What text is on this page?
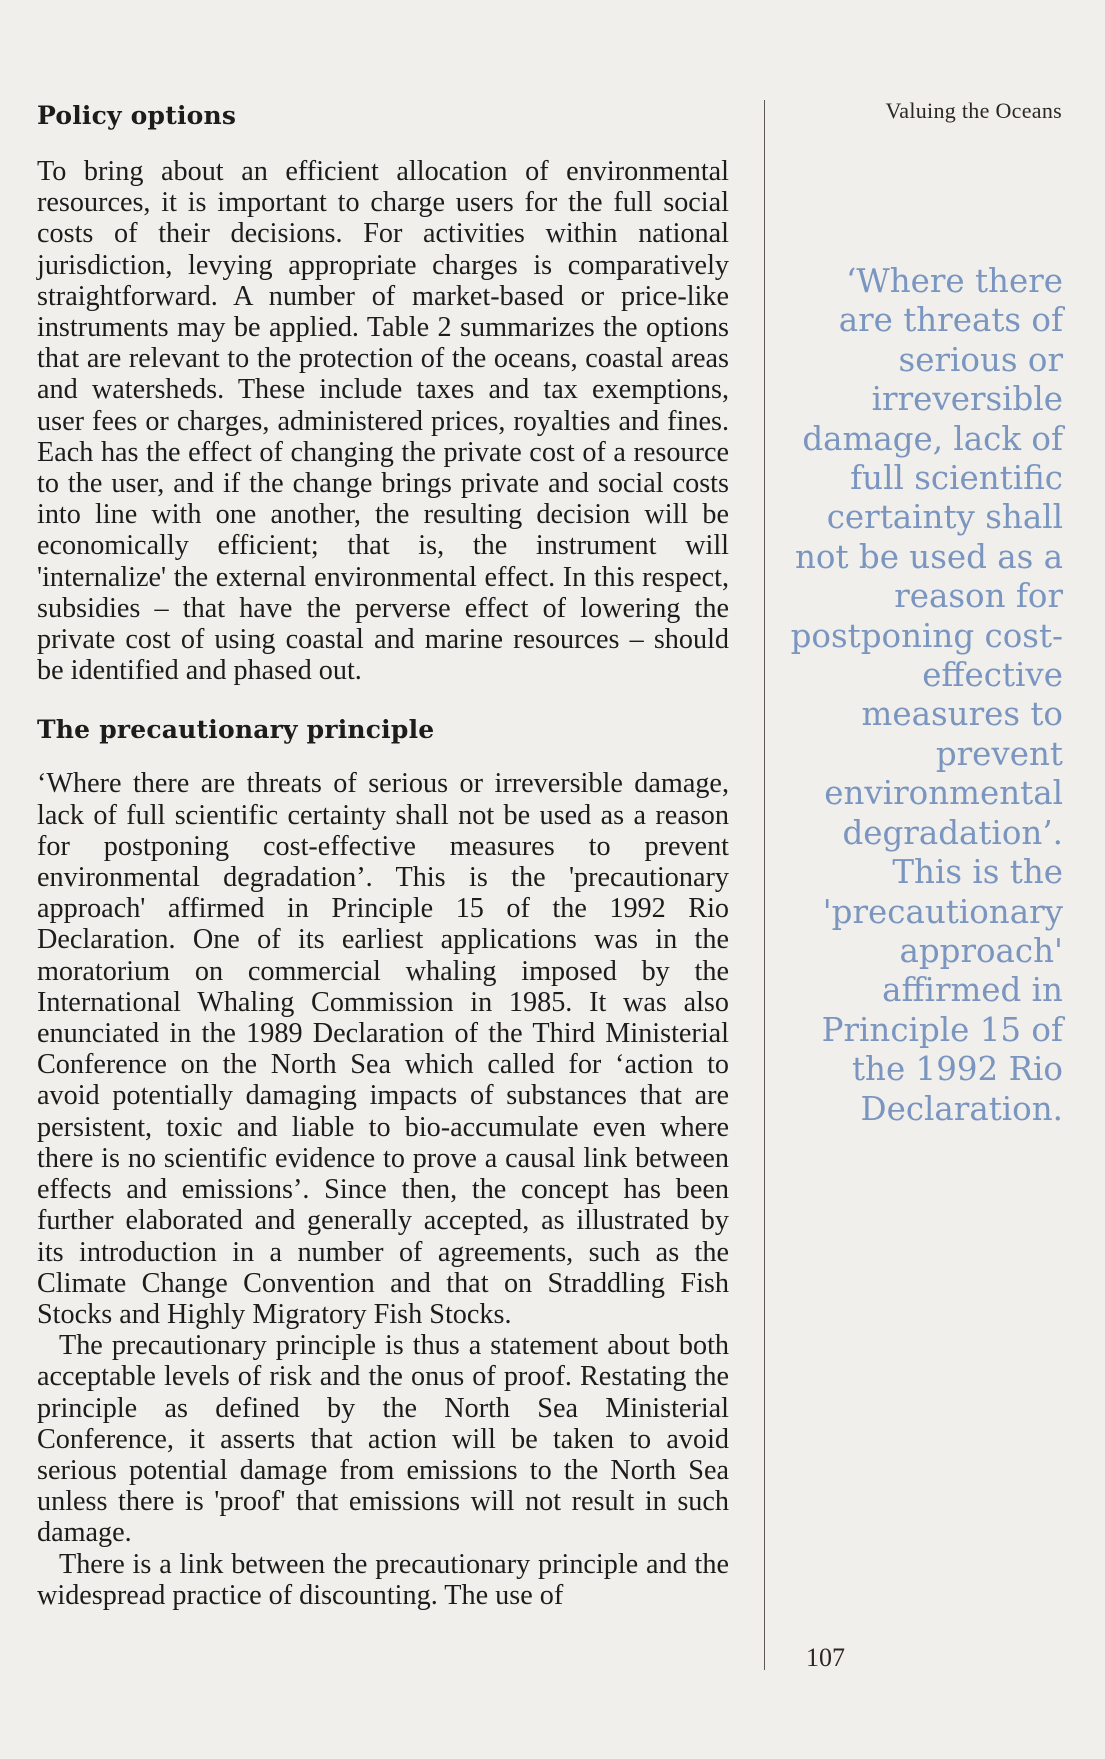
Policy options

To bring about an efficient allocation of environmental resources, it is important to charge users for the full social costs of their decisions. For activities within national jurisdiction, levying appropriate charges is comparatively straightforward. A number of market-based or price-like instruments may be applied. Table 2 summarizes the options that are relevant to the protection of the oceans, coastal areas and watersheds. These include taxes and tax exemptions, user fees or charges, administered prices, royalties and fines. Each has the effect of changing the private cost of a resource to the user, and if the change brings private and social costs into line with one another, the resulting decision will be economically efficient; that is, the instrument will 'internalize' the external environmental effect. In this respect, subsidies – that have the perverse effect of lowering the private cost of using coastal and marine resources – should be identified and phased out.

The precautionary principle

‘Where there are threats of serious or irreversible damage, lack of full scientific certainty shall not be used as a reason for postponing cost-effective measures to prevent environmental degradation’. This is the 'precautionary approach' affirmed in Principle 15 of the 1992 Rio Declaration. One of its earliest applications was in the moratorium on commercial whaling imposed by the International Whaling Commission in 1985. It was also enunciated in the 1989 Declaration of the Third Ministerial Conference on the North Sea which called for ‘action to avoid potentially damaging impacts of substances that are persistent, toxic and liable to bio-accumulate even where there is no scientific evidence to prove a causal link between effects and emissions’. Since then, the concept has been further elaborated and generally accepted, as illustrated by its introduction in a number of agreements, such as the Climate Change Convention and that on Straddling Fish Stocks and Highly Migratory Fish Stocks.

The precautionary principle is thus a statement about both acceptable levels of risk and the onus of proof. Restating the principle as defined by the North Sea Ministerial Conference, it asserts that action will be taken to avoid serious potential damage from emissions to the North Sea unless there is 'proof' that emissions will not result in such damage.

There is a link between the precautionary principle and the widespread practice of discounting. The use of

Valuing the Oceans

‘Where there are threats of serious or irreversible damage, lack of full scientific certainty shall not be used as a reason for postponing cost-effective measures to prevent environmental degradation’. This is the 'precautionary approach' affirmed in Principle 15 of the 1992 Rio Declaration.

107
